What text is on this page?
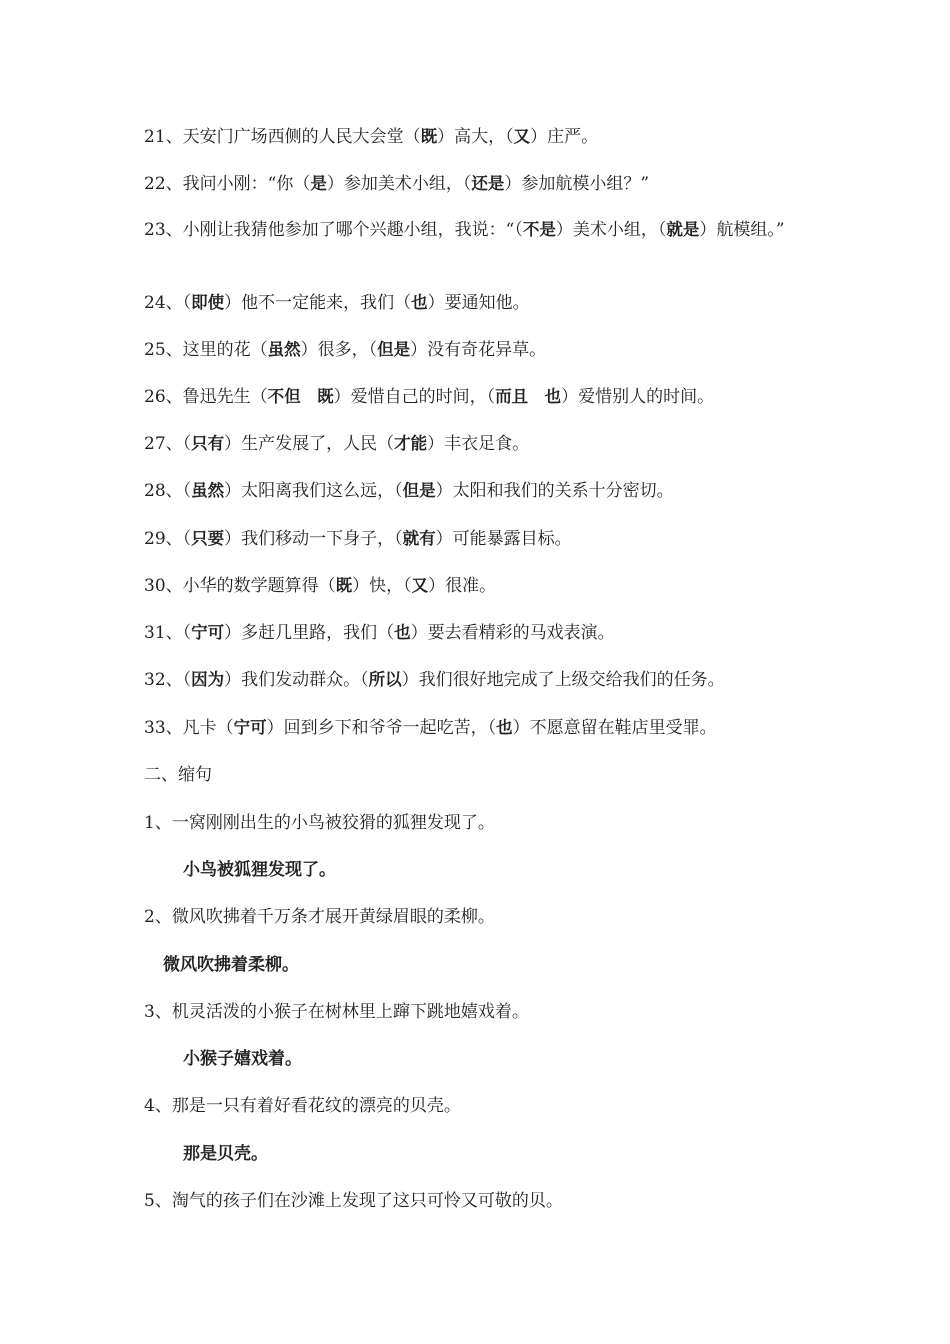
21、天安门广场西侧的人民大会堂（既）高大，（又）庄严。
22、我问小刚：“你（是）参加美术小组，（还是）参加航模小组？”
23、小刚让我猜他参加了哪个兴趣小组，我说：“（不是）美术小组，（就是）航模组。”
24、（即使）他不一定能来，我们（也）要通知他。
25、这里的花（虽然）很多，（但是）没有奇花异草。
26、鲁迅先生（不但　既）爱惜自己的时间，（而且　也）爱惜别人的时间。
27、（只有）生产发展了，人民（才能）丰衣足食。
28、（虽然）太阳离我们这么远，（但是）太阳和我们的关系十分密切。
29、（只要）我们移动一下身子，（就有）可能暴露目标。
30、小华的数学题算得（既）快，（又）很准。
31、（宁可）多赶几里路，我们（也）要去看精彩的马戏表演。
32、（因为）我们发动群众。（所以）我们很好地完成了上级交给我们的任务。
33、凡卡（宁可）回到乡下和爷爷一起吃苦，（也）不愿意留在鞋店里受罪。
二、缩句
1、一窝刚刚出生的小鸟被狡猾的狐狸发现了。
小鸟被狐狸发现了。
2、微风吹拂着千万条才展开黄绿眉眼的柔柳。
微风吹拂着柔柳。
3、机灵活泼的小猴子在树林里上蹿下跳地嬉戏着。
小猴子嬉戏着。
4、那是一只有着好看花纹的漂亮的贝壳。
那是贝壳。
5、淘气的孩子们在沙滩上发现了这只可怜又可敬的贝。
